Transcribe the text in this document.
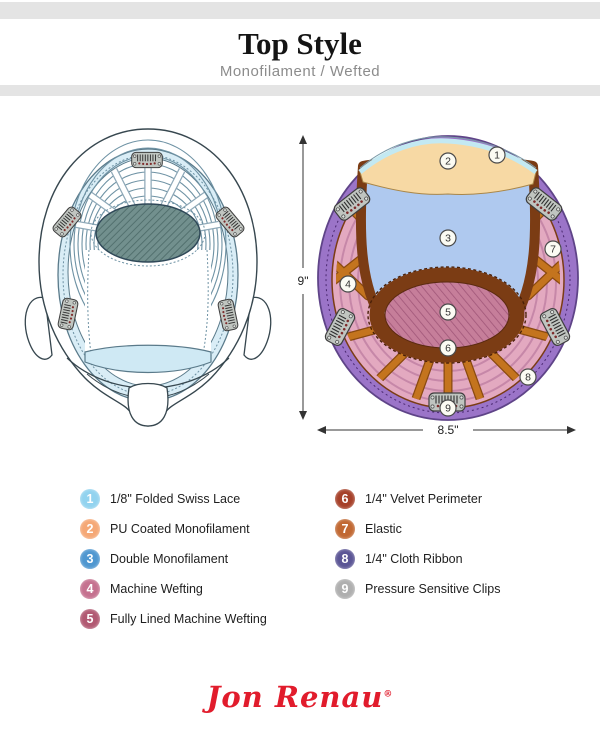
Top Style
Monofilament / Wefted
1
2
3
4
5
6
7
8
9
9"
8.5"
1	1/8" Folded Swiss Lace
2	PU Coated Monofilament
3	Double Monofilament
4	Machine Wefting
5	Fully Lined Machine Wefting
6	1/4" Velvet Perimeter
7	Elastic
8	1/4" Cloth Ribbon
9	Pressure Sensitive Clips
Jon Renau®
